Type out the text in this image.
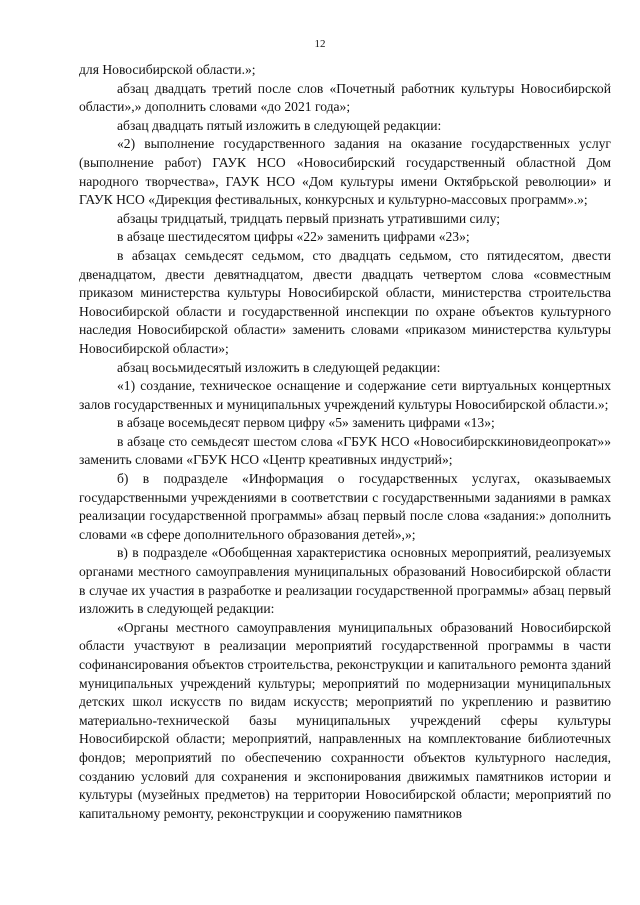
12

для Новосибирской области.»;

абзац двадцать третий после слов «Почетный работник культуры Новосибирской области»,» дополнить словами «до 2021 года»;

абзац двадцать пятый изложить в следующей редакции:

«2) выполнение государственного задания на оказание государственных услуг (выполнение работ) ГАУК НСО «Новосибирский государственный областной Дом народного творчества», ГАУК НСО «Дом культуры имени Октябрьской революции» и ГАУК НСО «Дирекция фестивальных, конкурсных и культурно-массовых программ».»;

абзацы тридцатый, тридцать первый признать утратившими силу;

в абзаце шестидесятом цифры «22» заменить цифрами «23»;

в абзацах семьдесят седьмом, сто двадцать седьмом, сто пятидесятом, двести двенадцатом, двести девятнадцатом, двести двадцать четвертом слова «совместным приказом министерства культуры Новосибирской области, министерства строительства Новосибирской области и государственной инспекции по охране объектов культурного наследия Новосибирской области» заменить словами «приказом министерства культуры Новосибирской области»;

абзац восьмидесятый изложить в следующей редакции:

«1) создание, техническое оснащение и содержание сети виртуальных концертных залов государственных и муниципальных учреждений культуры Новосибирской области.»;

в абзаце восемьдесят первом цифру «5» заменить цифрами «13»;

в абзаце сто семьдесят шестом слова «ГБУК НСО «Новосибирсккиновидеопрокат»» заменить словами «ГБУК НСО «Центр креативных индустрий»;

б) в подразделе «Информация о государственных услугах, оказываемых государственными учреждениями в соответствии с государственными заданиями в рамках реализации государственной программы» абзац первый после слова «задания:» дополнить словами «в сфере дополнительного образования детей»,»;

в) в подразделе «Обобщенная характеристика основных мероприятий, реализуемых органами местного самоуправления муниципальных образований Новосибирской области в случае их участия в разработке и реализации государственной программы» абзац первый изложить в следующей редакции:

«Органы местного самоуправления муниципальных образований Новосибирской области участвуют в реализации мероприятий государственной программы в части софинансирования объектов строительства, реконструкции и капитального ремонта зданий муниципальных учреждений культуры; мероприятий по модернизации муниципальных детских школ искусств по видам искусств; мероприятий по укреплению и развитию материально-технической базы муниципальных учреждений сферы культуры Новосибирской области; мероприятий, направленных на комплектование библиотечных фондов; мероприятий по обеспечению сохранности объектов культурного наследия, созданию условий для сохранения и экспонирования движимых памятников истории и культуры (музейных предметов) на территории Новосибирской области; мероприятий по капитальному ремонту, реконструкции и сооружению памятников
